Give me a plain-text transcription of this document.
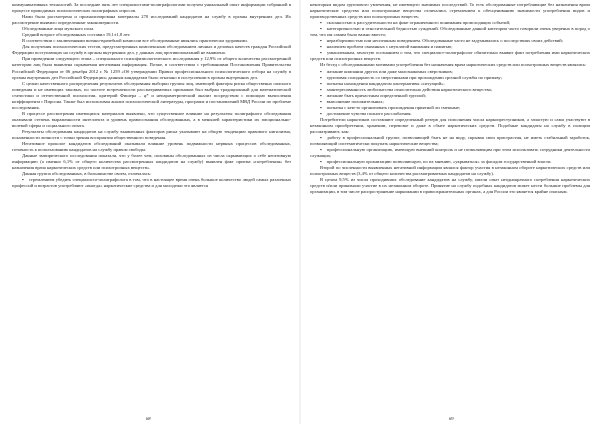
коммуникативных технологий. За последние пять лет специалистами-полиграфологами получен уникальный опыт информации собранной в процессе проводимых психологических полиграфных опросов.

Нами была рассмотрена и проанализирована материалы 270 исследований кандидатов на службу в органы внутренних дел. Их рассмотрение выявило определенные закономерности.

Обследованные лица мужского пола.

Средний возраст обследованных составил 19,1±1,8 лет.

В соответствии с заключениями военно-врачебной комиссии все обследованные являлись практически здоровыми.

Для получения психологических тестов, предусмотренных комплексным обследованием личных и деловых качеств граждан Российской Федерации поступающих на службу в органы внутренних дел, у данных лиц противопоказаний не выявлено.

При проведении следующего этапа – специального психофизиологического исследования у 12,9% от общего количества рассмотренной категории лиц была выявлена скрываемая негативная информация. Позже, в соответствии с требованиями Постановления Правительства Российской Федерации от 06 декабря 2012 г. № 1259 «Об утверждении Правил профессионального психологического отбора на службу в органы внутренних дел Российской Федерации» данным кандидатам было отказано в поступлении в органы внутренних дел.

С целью качественного распределения результатов обследования выборки группы лиц, имеющей факторы риска общественно опасного поведения и не имеющих таковых, по частоте встречаемости рассматриваемых признаков был выбран традиционный для математической статистики и отечественной психологии, критерий Фишера – φ* и непараметрический анализ посредством с помощью вычисления коэффициента r Пирсона. Также был использован анализ психологической литературы, программ и постановлений МВД России по проблеме исследования.

В процессе рассмотрения имеющихся материалов выявлено, что существенное влияние на результаты полиграфного обследования оказывали степень выраженности интеллекта и уровень правосознания обследованных, а в меньшей характеристики их эмоционально-волевой сферы и социального опыта.

Результаты обследования кандидатов на службу выявленных факторов риска указывают на общую тенденцию правового нигилизма, искаженности личности с точки зрения восприятия общественного поведения.

Негативное прошлое кандидатов обследований оказывали влияние уровень подвижности нервных процессов обследованных, готовность к использованию кандидатов на службу правом свободы.

Данные эмпирического исследования показали, что у более чем, половины обследованных из числа скрывающих о себе негативную информацию (а именно 6,1% от общего количества рассмотренных кандидатов на службу) выявлен факт приема «потребления» без назначения врача наркотических средств или психотропных веществ».

Данная группа обследованных, в большинстве своем, отличалась:

▪ стремлением убедить специалиста-полиграфолога в том, что в настоящее время очень большое количество людей самых различных профессий и возрастов употребляют «иногда» наркотические средства и для молодежи это является

68

некоторым видом группового увлечения, не имеющего значимых последствий. То есть обследованные потребляющие без назначения врача наркотические средства или психотропные вещества отличались стремлением к обесцениванию значимости употребления видов и производственных средств или психотропных веществ;

▪ склонностью к рассудительности на фоне ограниченного понимания происходящих событий;

▪ категоричностью и относительной бедностью суждений. Обследованные данной категории часто говорили очень уверенно в пород о том, что им самим было важно вместо;

▪ неразборчивостью или неспешным поведением. Обследованные часто не задумывались о последствиях своих действий;

▪ наличием проблем связанных с неуплатой внимания и памятью;

▪ умышленным, зачастую осознанием о том, что специалист-полиграфолог обязательно выявит факт потребления ими наркотических средств или психотропных веществ.

Из бесед с обследованными мотивами употребления без назначения врача наркотических средств или психотропных веществ являлись:

▪ желание компании других или даже малознакомых сверстников;

▪ групповая солидарность со сверстниками при прохождении срочной службы по призыву;

▪ попытка нахождения кандидатом альтернативы «ситуаций»;

▪ заинтересованность любопытства относительно действия наркотического вещества;

▪ желание быть причастным определенной группой;

▪ выполнение положительных;

▪ попытка с кем-то организовать прохождения приятной ли смешные;

▪ достижение чувства полного расслабления.

Потребители наркотиков составляют определенный резерв для пополнения числа наркопреступников, а зачастую и сами участвуют в незаконном приобретении, хранении, перевозке и даже в сбыте наркотических средств. Подобные кандидаты на службу в полиции рассматривают, как:

▪ работу в профессиональной группе, позволяющей быть не на виду, скрывая свои пристрастия, не иметь стабильный заработок, позволяющий систематически покупать наркотические вещества;

▪ профессиональную организацию, имеющую внешний контроль и не позволяющим при этом использовать сотрудники деятельности служащих;

▪ профессиональную организацию позволяющую, по их мнению, «укрываться» за фасадом государственной власти.

Второй по численности выявленных негативной информации являлся фактор участия в незаконном обороте наркотических средств или психотропных веществ (3,4% от общего количества рассматриваемых кандидатов на службу).

В целом 9,5% из числа проходивших обследование кандидатов на службу, имели опыт неоднократного потребления наркотических средств и/или принимали участие в их незаконном обороте. Принятие на службу подобных кандидатов может нести большие проблемы для организации, в том числе распространение наркомании в правоохранительных органах, а для России это является крайне опасным.

69
